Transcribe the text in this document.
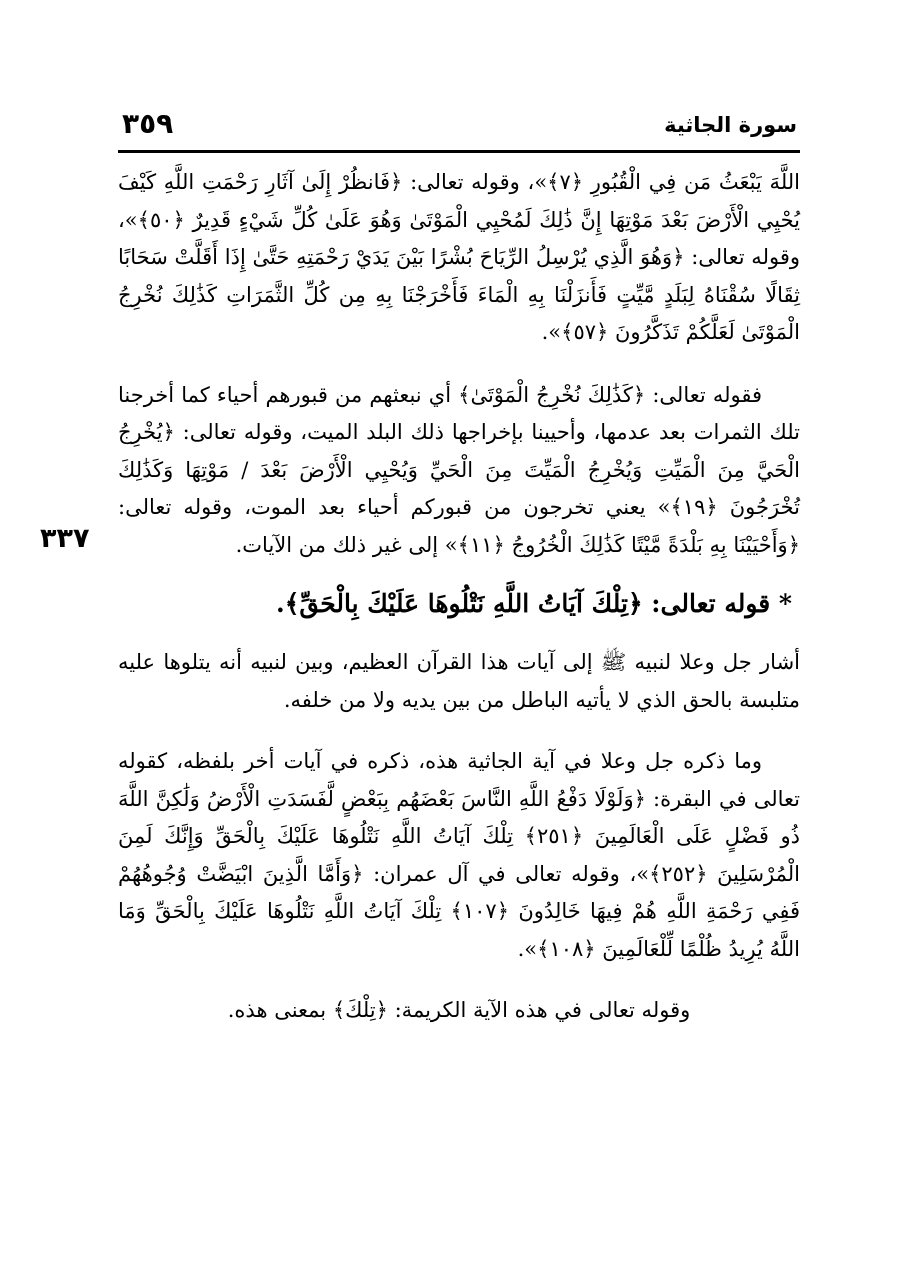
سورة الجاثية
٣٥٩
٣٣٧

اللَّهَ يَبْعَثُ مَن فِي الْقُبُورِ ﴿٧﴾»، وقوله تعالى: ﴿فَانظُرْ إِلَىٰ آثَارِ رَحْمَتِ اللَّهِ كَيْفَ يُحْيِي الْأَرْضَ بَعْدَ مَوْتِهَا إِنَّ ذَٰلِكَ لَمُحْيِي الْمَوْتَىٰ وَهُوَ عَلَىٰ كُلِّ شَيْءٍ قَدِيرٌ ﴿٥٠﴾»، وقوله تعالى: ﴿وَهُوَ الَّذِي يُرْسِلُ الرِّيَاحَ بُشْرًا بَيْنَ يَدَيْ رَحْمَتِهِ حَتَّىٰ إِذَا أَقَلَّتْ سَحَابًا ثِقَالًا سُقْنَاهُ لِبَلَدٍ مَّيِّتٍ فَأَنزَلْنَا بِهِ الْمَاءَ فَأَخْرَجْنَا بِهِ مِن كُلِّ الثَّمَرَاتِ كَذَٰلِكَ نُخْرِجُ الْمَوْتَىٰ لَعَلَّكُمْ تَذَكَّرُونَ ﴿٥٧﴾».

فقوله تعالى: ﴿كَذَٰلِكَ نُخْرِجُ الْمَوْتَىٰ﴾ أي نبعثهم من قبورهم أحياء كما أخرجنا تلك الثمرات بعد عدمها، وأحيينا بإخراجها ذلك البلد الميت، وقوله تعالى: ﴿يُخْرِجُ الْحَيَّ مِنَ الْمَيِّتِ وَيُخْرِجُ الْمَيِّتَ مِنَ الْحَيِّ وَيُحْيِي الْأَرْضَ بَعْدَ / مَوْتِهَا وَكَذَٰلِكَ تُخْرَجُونَ ﴿١٩﴾» يعني تخرجون من قبوركم أحياء بعد الموت، وقوله تعالى: ﴿وَأَحْيَيْنَا بِهِ بَلْدَةً مَّيْتًا كَذَٰلِكَ الْخُرُوجُ ﴿١١﴾» إلى غير ذلك من الآيات.

* قوله تعالى: ﴿تِلْكَ آيَاتُ اللَّهِ نَتْلُوهَا عَلَيْكَ بِالْحَقِّ﴾.

أشار جل وعلا لنبيه ﷺ إلى آيات هذا القرآن العظيم، وبين لنبيه أنه يتلوها عليه متلبسة بالحق الذي لا يأتيه الباطل من بين يديه ولا من خلفه.

وما ذكره جل وعلا في آية الجاثية هذه، ذكره في آيات أخر بلفظه، كقوله تعالى في البقرة: ﴿وَلَوْلَا دَفْعُ اللَّهِ النَّاسَ بَعْضَهُم بِبَعْضٍ لَّفَسَدَتِ الْأَرْضُ وَلَٰكِنَّ اللَّهَ ذُو فَضْلٍ عَلَى الْعَالَمِينَ ﴿٢٥١﴾ تِلْكَ آيَاتُ اللَّهِ نَتْلُوهَا عَلَيْكَ بِالْحَقِّ وَإِنَّكَ لَمِنَ الْمُرْسَلِينَ ﴿٢٥٢﴾»، وقوله تعالى في آل عمران: ﴿وَأَمَّا الَّذِينَ ابْيَضَّتْ وُجُوهُهُمْ فَفِي رَحْمَةِ اللَّهِ هُمْ فِيهَا خَالِدُونَ ﴿١٠٧﴾ تِلْكَ آيَاتُ اللَّهِ نَتْلُوهَا عَلَيْكَ بِالْحَقِّ وَمَا اللَّهُ يُرِيدُ ظُلْمًا لِّلْعَالَمِينَ ﴿١٠٨﴾».

وقوله تعالى في هذه الآية الكريمة: ﴿تِلْكَ﴾ بمعنى هذه.
